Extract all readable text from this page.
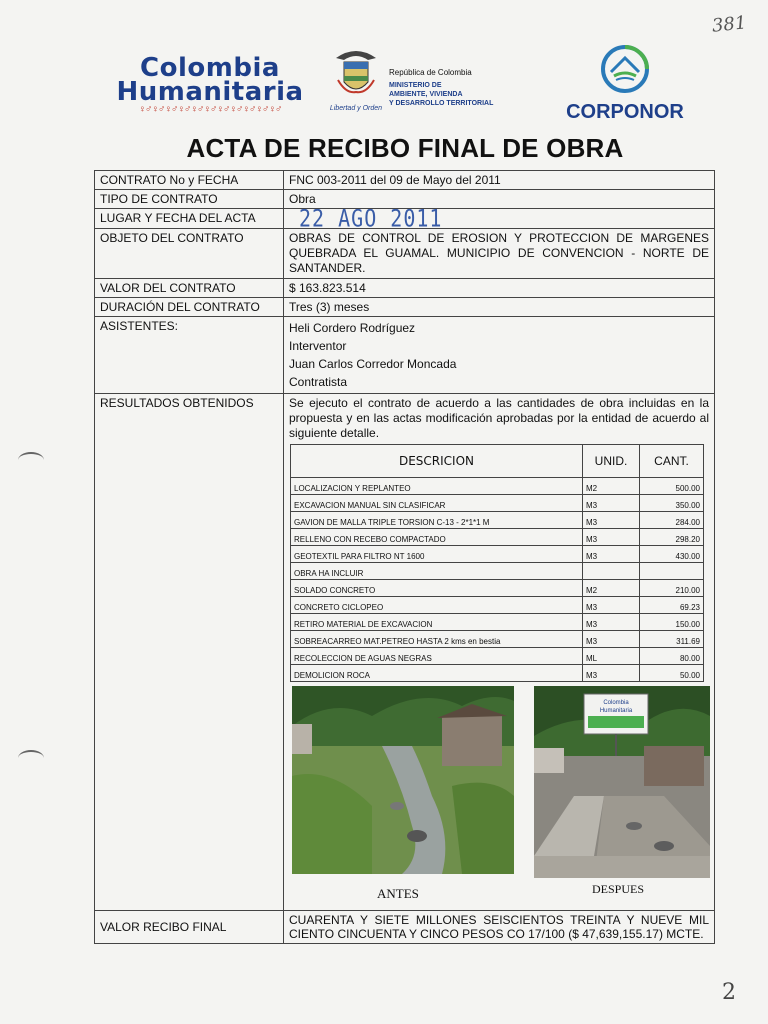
381
2
Colombia
Humanitaria
♀♂♀♂♀♂♀♂♀♂♀♂♀♂♀♂♀♂♀♂♀♂	Libertad y Orden
República de Colombia
MINISTERIO DE
AMBIENTE, VIVIENDA
Y DESARROLLO TERRITORIAL	CORPONOR
ACTA DE RECIBO FINAL DE OBRA
CONTRATO No y FECHA	FNC 003-2011 del 09 de Mayo del 2011
TIPO DE CONTRATO	Obra
LUGAR Y FECHA DEL ACTA	22 AGO 2011
OBJETO DEL CONTRATO	OBRAS DE CONTROL DE EROSION Y PROTECCION DE MARGENES QUEBRADA EL GUAMAL. MUNICIPIO DE CONVENCION - NORTE DE SANTANDER.
VALOR DEL CONTRATO	$ 163.823.514
DURACIÓN DEL CONTRATO	Tres (3) meses
ASISTENTES:	Heli Cordero Rodríguez
Interventor
Juan Carlos Corredor Moncada
Contratista

RESULTADOS OBTENIDOS	Se ejecuto el contrato de acuerdo a las cantidades de obra incluidas en la propuesta y en las actas modificación aprobadas por la entidad de acuerdo al siguiente detalle.
DESCRICION	UNID.	CANT.
LOCALIZACION Y REPLANTEO	M2	500.00
EXCAVACION MANUAL SIN CLASIFICAR	M3	350.00
GAVION DE MALLA TRIPLE TORSION C-13 - 2*1*1 M	M3	284.00
RELLENO CON RECEBO COMPACTADO	M3	298.20
GEOTEXTIL PARA FILTRO NT 1600	M3	430.00
OBRA HA INCLUIR		
SOLADO CONCRETO	M2	210.00
CONCRETO CICLOPEO	M3	69.23
RETIRO MATERIAL DE EXCAVACION	M3	150.00
SOBREACARREO MAT.PETREO HASTA 2 kms en bestia	M3	311.69
RECOLECCION DE AGUAS NEGRAS	ML	80.00
DEMOLICION ROCA	M3	50.00
Colombia
Humanitaria
ANTES	DESPUES

VALOR RECIBO FINAL	CUARENTA Y SIETE MILLONES SEISCIENTOS TREINTA Y NUEVE MIL CIENTO CINCUENTA Y CINCO PESOS CO 17/100 ($ 47,639,155.17) MCTE.
